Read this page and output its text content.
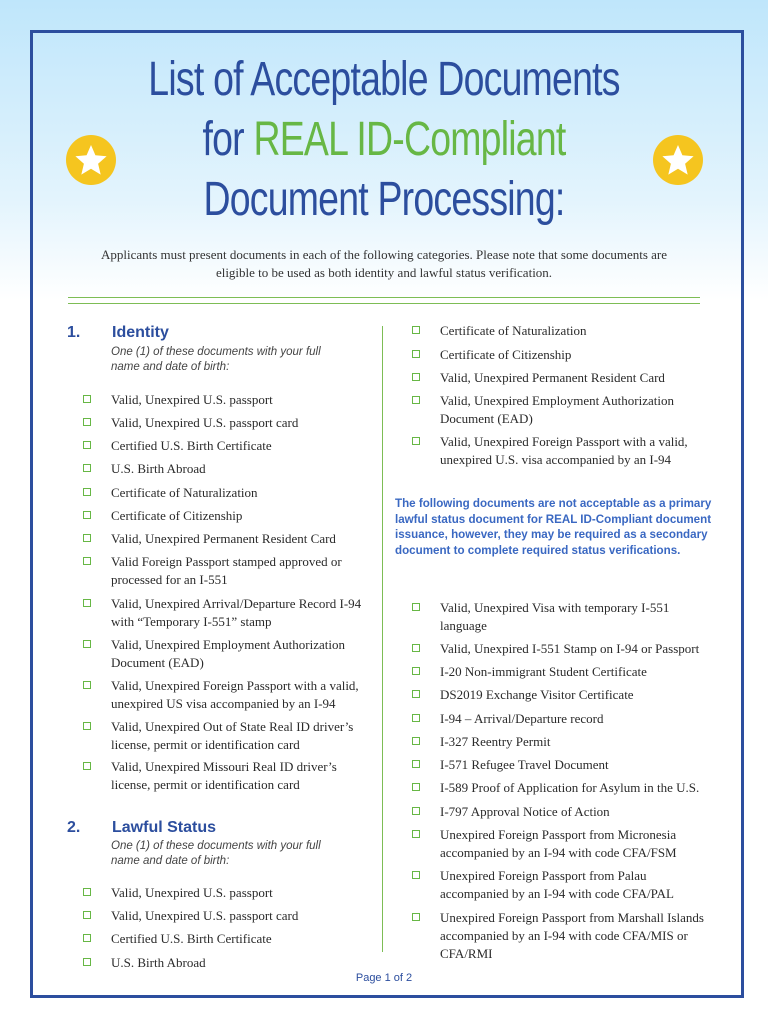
List of Acceptable Documents
for REAL ID-Compliant
Document Processing:
Applicants must present documents in each of the following categories. Please note that some documents are eligible to be used as both identity and lawful status verification.
1. Identity
One (1) of these documents with your full name and date of birth:
Valid, Unexpired U.S. passport
Valid, Unexpired U.S. passport card
Certified U.S. Birth Certificate
U.S. Birth Abroad
Certificate of Naturalization
Certificate of Citizenship
Valid, Unexpired Permanent Resident Card
Valid Foreign Passport stamped approved or processed for an I-551
Valid, Unexpired Arrival/Departure Record I-94 with “Temporary I-551” stamp
Valid, Unexpired Employment Authorization Document (EAD)
Valid, Unexpired Foreign Passport with a valid, unexpired US visa accompanied by an I-94
Valid, Unexpired Out of State Real ID driver’s license, permit or identification card
Valid, Unexpired Missouri Real ID driver’s license, permit or identification card
2. Lawful Status
One (1) of these documents with your full name and date of birth:
Valid, Unexpired U.S. passport
Valid, Unexpired U.S. passport card
Certified U.S. Birth Certificate
U.S. Birth Abroad
Certificate of Naturalization
Certificate of Citizenship
Valid, Unexpired Permanent Resident Card
Valid, Unexpired Employment Authorization Document (EAD)
Valid, Unexpired Foreign Passport with a valid, unexpired U.S. visa accompanied by an I-94
The following documents are not acceptable as a primary lawful status document for REAL ID-Compliant document issuance, however, they may be required as a secondary document to complete required status verifications.
Valid, Unexpired Visa with temporary I-551 language
Valid, Unexpired I-551 Stamp on I-94 or Passport
I-20 Non-immigrant Student Certificate
DS2019 Exchange Visitor Certificate
I-94 – Arrival/Departure record
I-327 Reentry Permit
I-571 Refugee Travel Document
I-589 Proof of Application for Asylum in the U.S.
I-797 Approval Notice of Action
Unexpired Foreign Passport from Micronesia accompanied by an I-94 with code CFA/FSM
Unexpired Foreign Passport from Palau accompanied by an I-94 with code CFA/PAL
Unexpired Foreign Passport from Marshall Islands accompanied by an I-94 with code CFA/MIS or CFA/RMI
Page 1 of 2
